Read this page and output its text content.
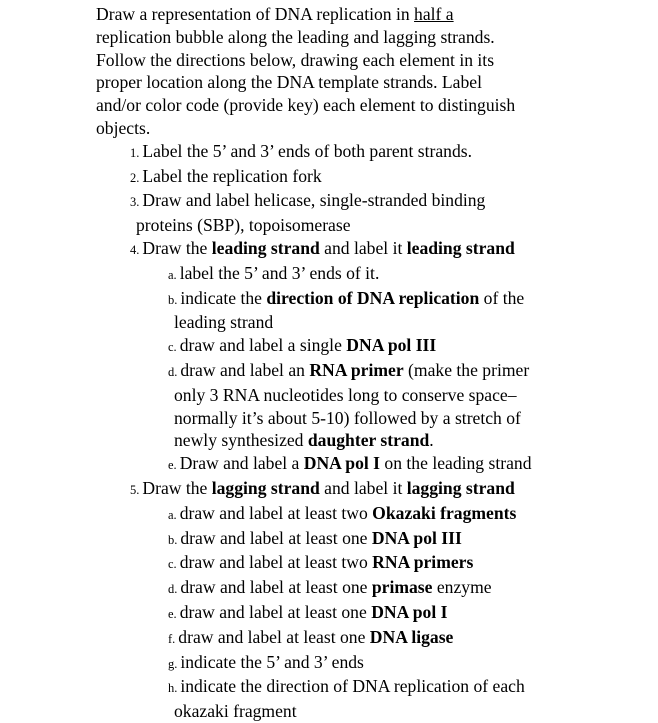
Draw a representation of DNA replication in half a
replication bubble along the leading and lagging strands.
Follow the directions below, drawing each element in its
proper location along the DNA template strands. Label
and/or color code (provide key) each element to distinguish
objects.

1. Label the 5’ and 3’ ends of both parent strands.
2. Label the replication fork
3. Draw and label helicase, single-stranded binding
proteins (SBP), topoisomerase
4. Draw the leading strand and label it leading strand
a. label the 5’ and 3’ ends of it.
b. indicate the direction of DNA replication of the
leading strand
c. draw and label a single DNA pol III
d. draw and label an RNA primer (make the primer
only 3 RNA nucleotides long to conserve space–
normally it’s about 5-10) followed by a stretch of
newly synthesized daughter strand.
e. Draw and label a DNA pol I on the leading strand
5. Draw the lagging strand and label it lagging strand
a. draw and label at least two Okazaki fragments
b. draw and label at least one DNA pol III
c. draw and label at least two RNA primers
d. draw and label at least one primase enzyme
e. draw and label at least one DNA pol I
f. draw and label at least one DNA ligase
g. indicate the 5’ and 3’ ends
h. indicate the direction of DNA replication of each
okazaki fragment
